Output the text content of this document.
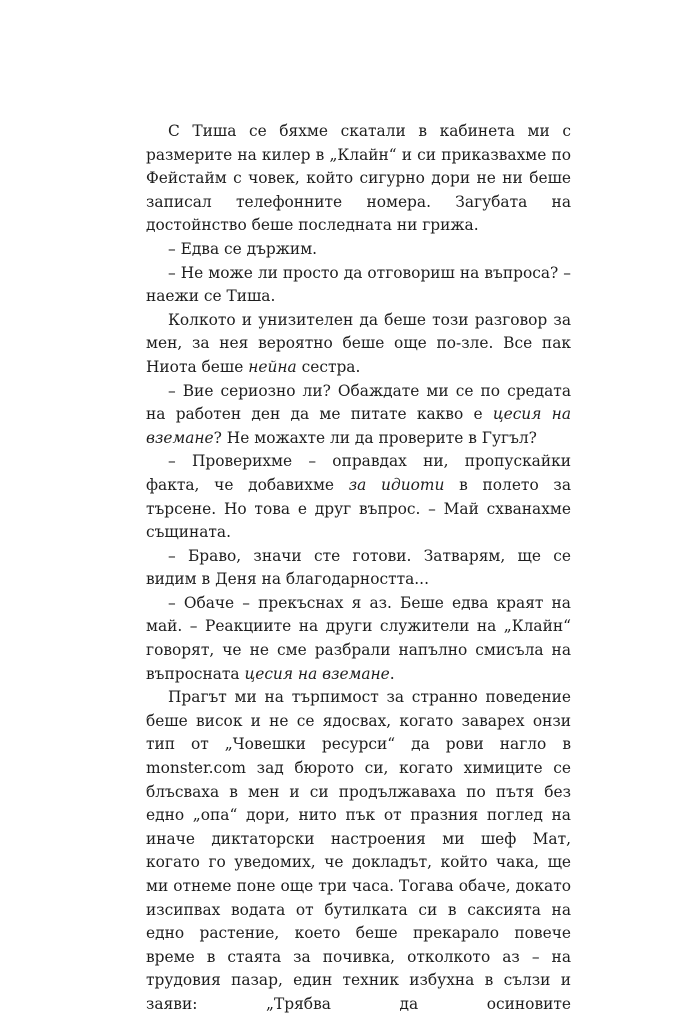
С Тиша се бяхме скатали в кабинета ми с размерите на килер в „Клайн“ и си приказвахме по Фейстайм с човек, който сигурно дори не ни беше записал телефонните номера. Загубата на достойнство беше последната ни грижа.

– Едва се държим.

– Не може ли просто да отговориш на въпроса? – наежи се Тиша.

Колкото и унизителен да беше този разговор за мен, за нея вероятно беше още по-зле. Все пак Ниота беше нейна сестра.

– Вие сериозно ли? Обаждате ми се по средата на работен ден да ме питате какво е цесия на вземане? Не можахте ли да проверите в Гугъл?

– Проверихме – оправдах ни, пропускайки факта, че добавихме за идиоти в полето за търсене. Но това е друг въпрос. – Май схванахме същината.

– Браво, значи сте готови. Затварям, ще се видим в Деня на благодарността...

– Обаче – прекъснах я аз. Беше едва краят на май. – Реакциите на други служители на „Клайн“ говорят, че не сме разбрали напълно смисъла на въпросната цесия на вземане.

Прагът ми на търпимост за странно поведение беше висок и не се ядосвах, когато заварех онзи тип от „Човешки ресурси“ да рови нагло в monster.com зад бюрото си, когато химиците се блъсваха в мен и си продължаваха по пътя без едно „опа“ дори, нито пък от празния поглед на иначе диктаторски настроения ми шеф Мат, когато го уведомих, че докладът, който чака, ще ми отнеме поне още три часа. Тогава обаче, докато изсипвах водата от бутилката си в саксията на едно растение, което беше прекарало повече време в стаята за почивка, отколкото аз – на трудовия пазар, един техник избухна в сълзи и заяви: „Трябва да осиновите
